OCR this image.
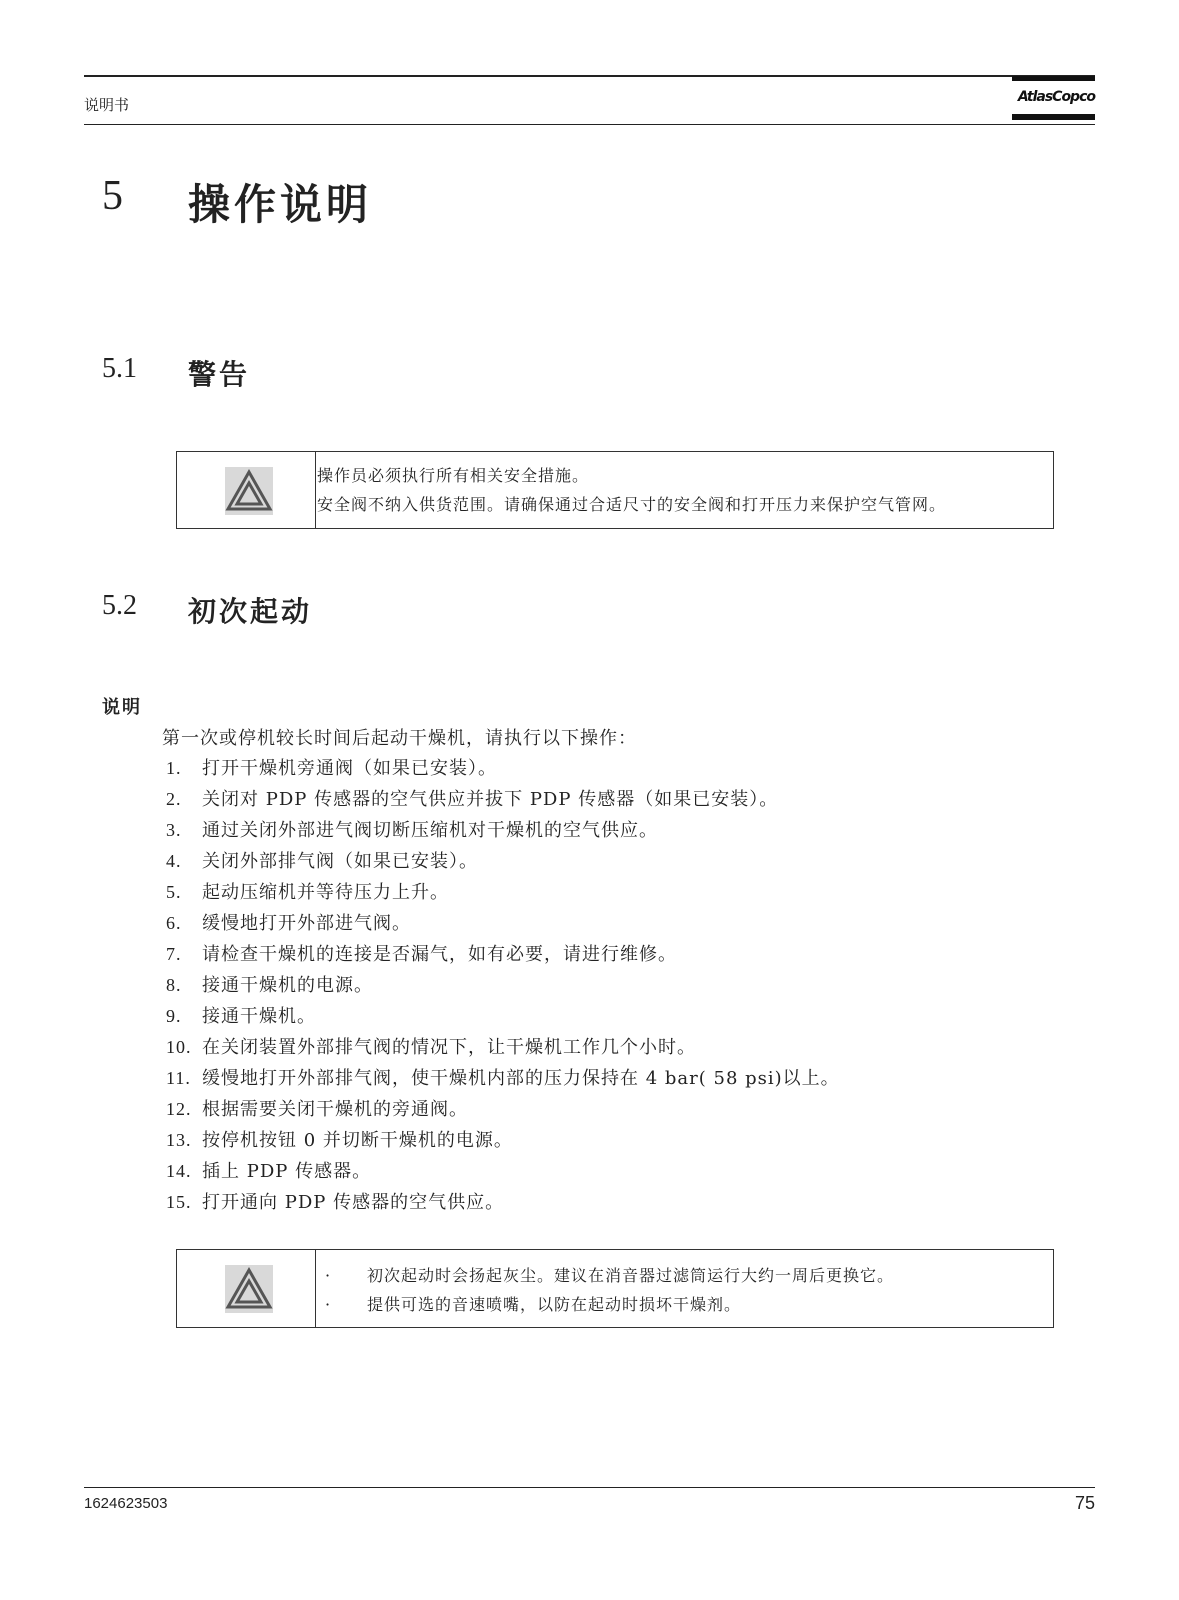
说明书	AtlasCopco
5 操作说明
5.1 警告
操作员必须执行所有相关安全措施。
安全阀不纳入供货范围。请确保通过合适尺寸的安全阀和打开压力来保护空气管网。
5.2 初次起动
说明
第一次或停机较长时间后起动干燥机，请执行以下操作：
1. 打开干燥机旁通阀（如果已安装）。
2. 关闭对 PDP 传感器的空气供应并拔下 PDP 传感器（如果已安装）。
3. 通过关闭外部进气阀切断压缩机对干燥机的空气供应。
4. 关闭外部排气阀（如果已安装）。
5. 起动压缩机并等待压力上升。
6. 缓慢地打开外部进气阀。
7. 请检查干燥机的连接是否漏气，如有必要，请进行维修。
8. 接通干燥机的电源。
9. 接通干燥机。
10. 在关闭装置外部排气阀的情况下，让干燥机工作几个小时。
11. 缓慢地打开外部排气阀，使干燥机内部的压力保持在 4 bar( 58 psi)以上。
12. 根据需要关闭干燥机的旁通阀。
13. 按停机按钮 0 并切断干燥机的电源。
14. 插上 PDP 传感器。
15. 打开通向 PDP 传感器的空气供应。
· 初次起动时会扬起灰尘。建议在消音器过滤筒运行大约一周后更换它。
· 提供可选的音速喷嘴，以防在起动时损坏干燥剂。
1624623503	75
